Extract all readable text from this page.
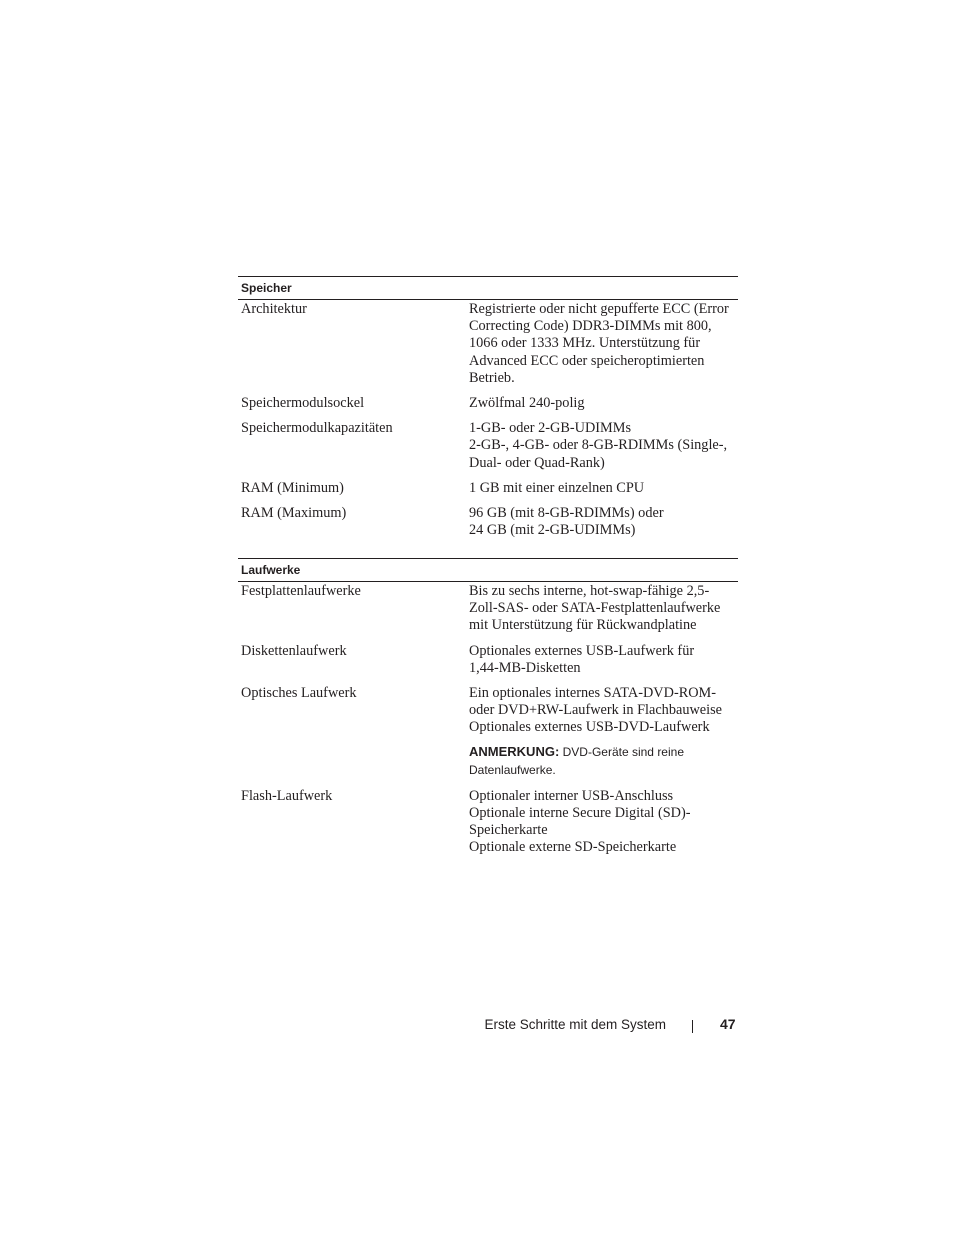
Speicher
Architektur	Registrierte oder nicht gepufferte ECC (Error
Correcting Code) DDR3-DIMMs mit 800,
1066 oder 1333 MHz. Unterstützung für
Advanced ECC oder speicheroptimierten
Betrieb.
Speichermodulsockel	Zwölfmal 240-polig
Speichermodulkapazitäten	1-GB- oder 2-GB-UDIMMs
2-GB-, 4-GB- oder 8-GB-RDIMMs (Single-,
Dual- oder Quad-Rank)
RAM (Minimum)	1 GB mit einer einzelnen CPU
RAM (Maximum)	96 GB (mit 8-GB-RDIMMs) oder
24 GB (mit 2-GB-UDIMMs)
Laufwerke
Festplattenlaufwerke	Bis zu sechs interne, hot-swap-fähige 2,5-
Zoll-SAS- oder SATA-Festplattenlaufwerke
mit Unterstützung für Rückwandplatine
Diskettenlaufwerk	Optionales externes USB-Laufwerk für
1,44-MB-Disketten
Optisches Laufwerk	Ein optionales internes SATA-DVD-ROM-
oder DVD+RW-Laufwerk in Flachbauweise
Optionales externes USB-DVD-Laufwerk
ANMERKUNG: DVD-Geräte sind reine
Datenlaufwerke.
Flash-Laufwerk	Optionaler interner USB-Anschluss
Optionale interne Secure Digital (SD)-
Speicherkarte
Optionale externe SD-Speicherkarte
Erste Schritte mit dem System	47
